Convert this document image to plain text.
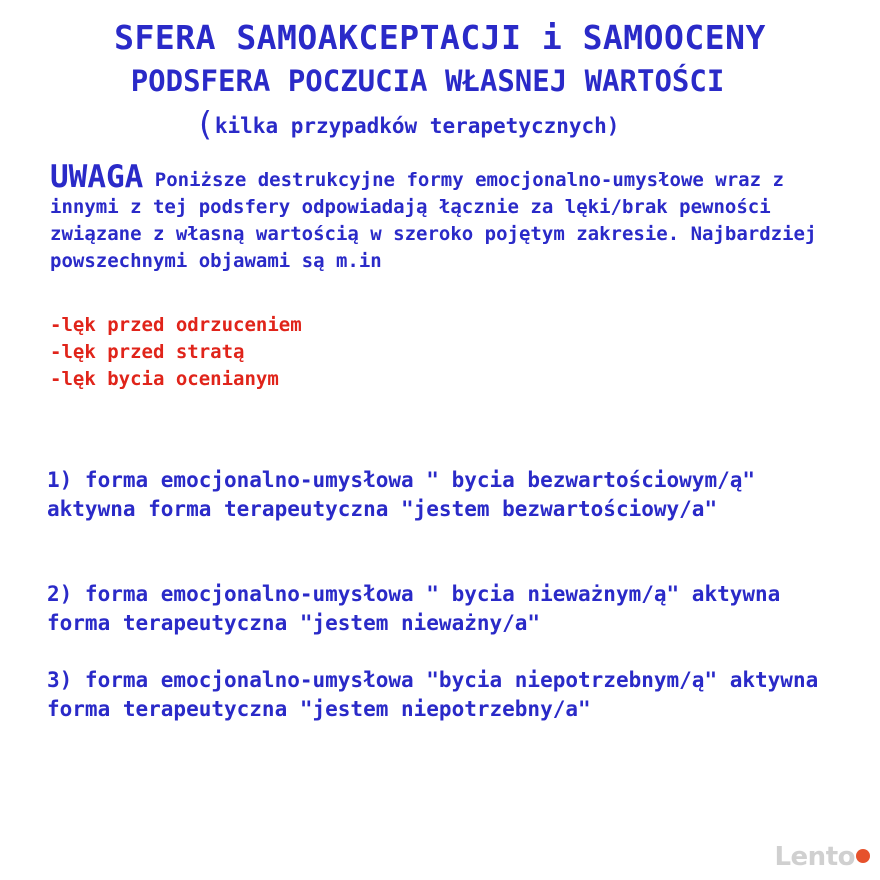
SFERA SAMOAKCEPTACJI i SAMOOCENY
PODSFERA POCZUCIA WŁASNEJ WARTOŚCI
(kilka przypadków terapetycznych)
UWAGA Poniższe destrukcyjne formy emocjonalno-umysłowe wraz z innymi z tej podsfery odpowiadają łącznie za lęki/brak pewności związane z własną wartością w szeroko pojętym zakresie. Najbardziej powszechnymi objawami są m.in
-lęk przed odrzuceniem
-lęk przed stratą
-lęk bycia ocenianym
1) forma emocjonalno-umysłowa " bycia bezwartościowym/ą" aktywna forma terapeutyczna "jestem bezwartościowy/a"
2) forma emocjonalno-umysłowa " bycia nieważnym/ą" aktywna forma terapeutyczna "jestem nieważny/a"
3) forma emocjonalno-umysłowa "bycia niepotrzebnym/ą" aktywna forma terapeutyczna "jestem niepotrzebny/a"
Lento
